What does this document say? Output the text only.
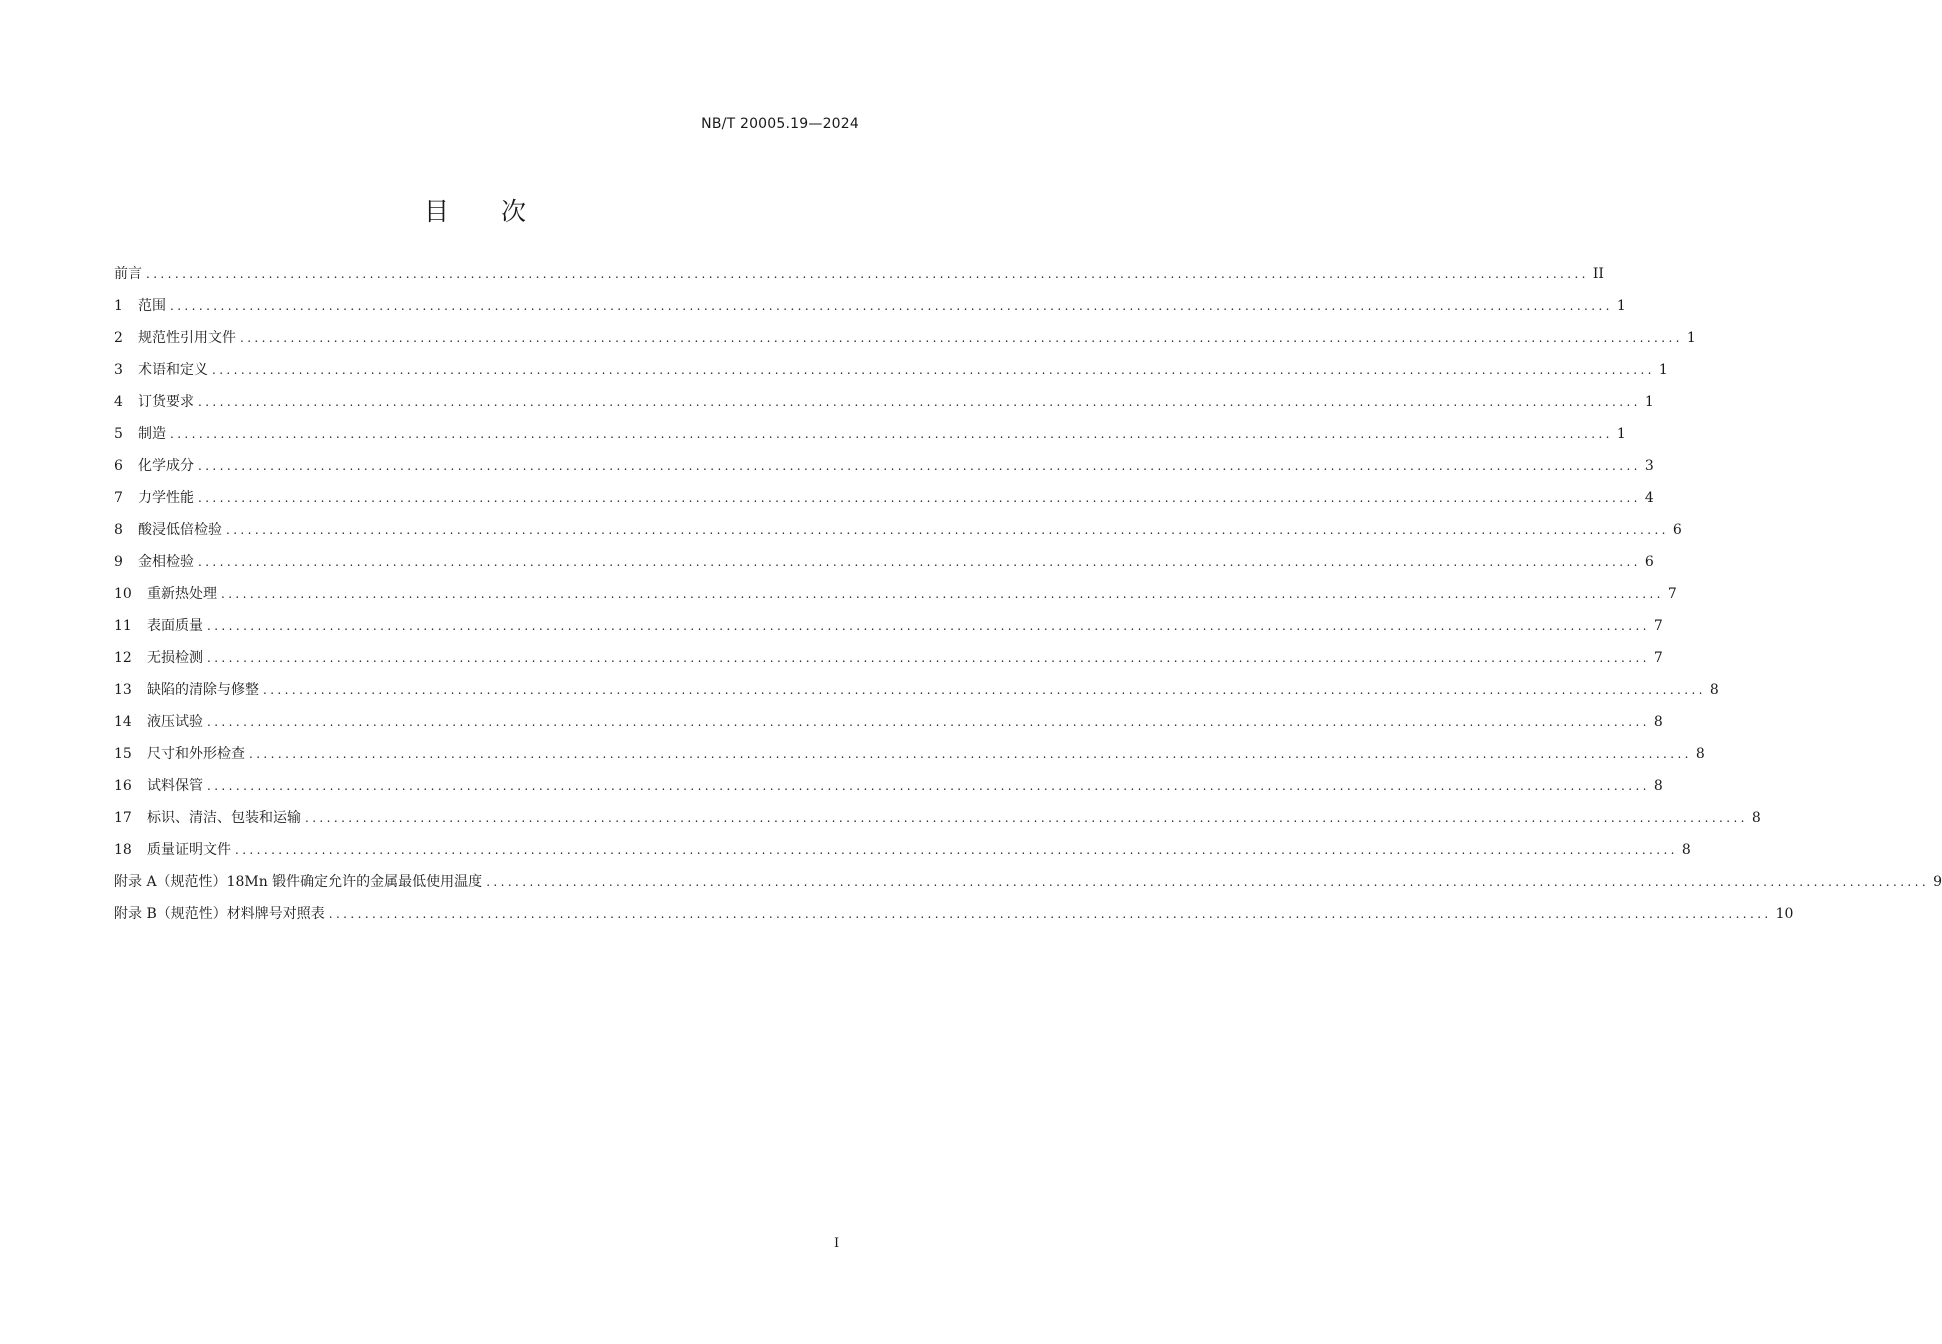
NB/T 20005.19—2024
目 次
前言 ........................................................................................................................................................................................................ II
1	范围 ........................................................................................................................................................................................................ 1
2	规范性引用文件 ........................................................................................................................................................................................................ 1
3	术语和定义 ........................................................................................................................................................................................................ 1
4	订货要求 ........................................................................................................................................................................................................ 1
5	制造 ........................................................................................................................................................................................................ 1
6	化学成分 ........................................................................................................................................................................................................ 3
7	力学性能 ........................................................................................................................................................................................................ 4
8	酸浸低倍检验 ........................................................................................................................................................................................................ 6
9	金相检验 ........................................................................................................................................................................................................ 6
10	重新热处理 ........................................................................................................................................................................................................ 7
11	表面质量 ........................................................................................................................................................................................................ 7
12	无损检测 ........................................................................................................................................................................................................ 7
13	缺陷的清除与修整 ........................................................................................................................................................................................................ 8
14	液压试验 ........................................................................................................................................................................................................ 8
15	尺寸和外形检查 ........................................................................................................................................................................................................ 8
16	试料保管 ........................................................................................................................................................................................................ 8
17	标识、清洁、包装和运输 ........................................................................................................................................................................................................ 8
18	质量证明文件 ........................................................................................................................................................................................................ 8
附录 A（规范性） 18Mn 锻件确定允许的金属最低使用温度 ........................................................................................................................................................................................................ 9
附录 B（规范性） 材料牌号对照表 ........................................................................................................................................................................................................ 10
I
